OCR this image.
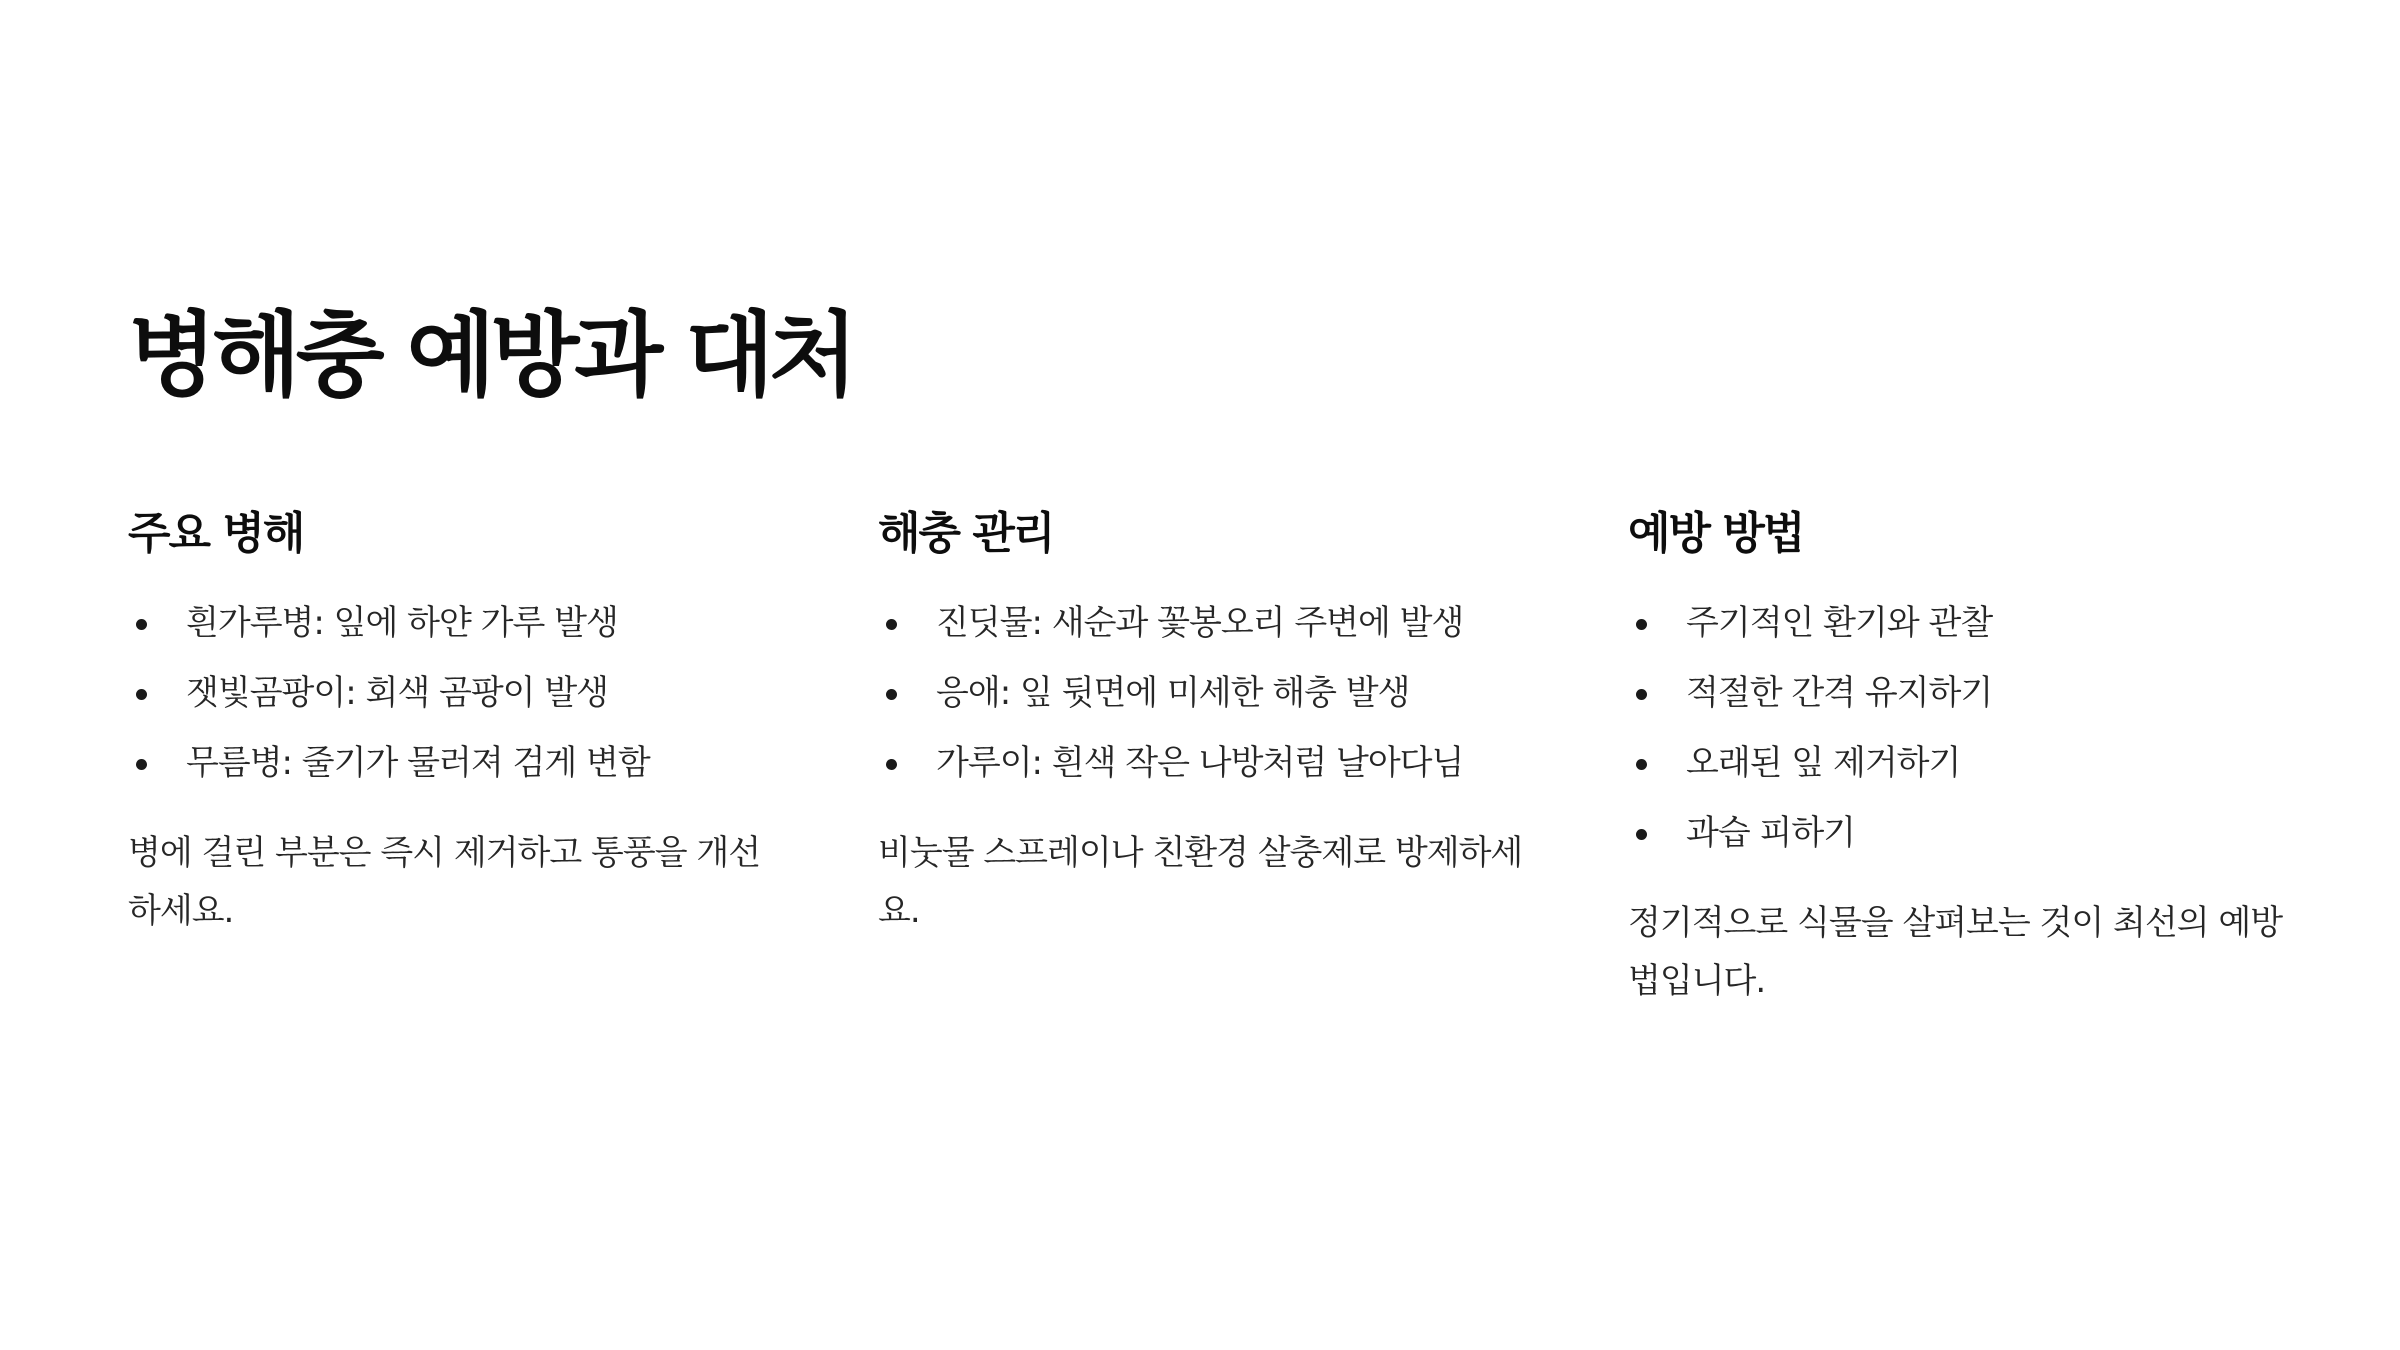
병해충 예방과 대처
주요 병해
흰가루병: 잎에 하얀 가루 발생
잿빛곰팡이: 회색 곰팡이 발생
무름병: 줄기가 물러져 검게 변함

병에 걸린 부분은 즉시 제거하고 통풍을 개선하세요.

해충 관리
진딧물: 새순과 꽃봉오리 주변에 발생
응애: 잎 뒷면에 미세한 해충 발생
가루이: 흰색 작은 나방처럼 날아다님

비눗물 스프레이나 친환경 살충제로 방제하세요.

예방 방법
주기적인 환기와 관찰
적절한 간격 유지하기
오래된 잎 제거하기
과습 피하기

정기적으로 식물을 살펴보는 것이 최선의 예방법입니다.
